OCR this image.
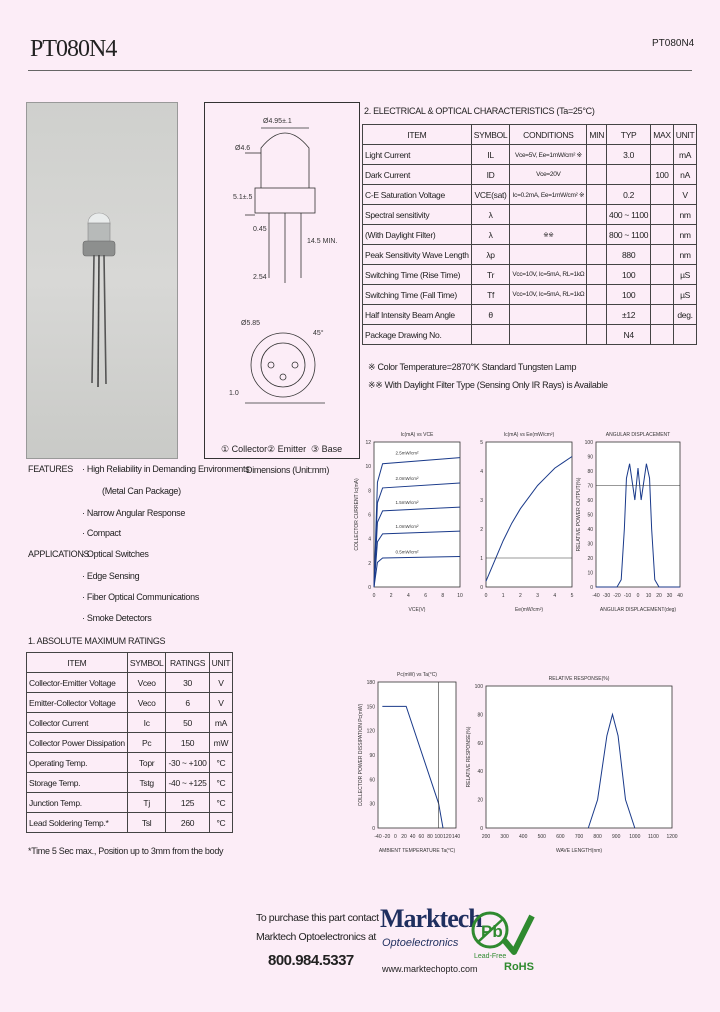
PT080N4	PT080N4
Ø4.95±.1
Ø4.6
5.1±.5
14.5 MIN.
0.45
2.54
Ø5.85
45°
1.0
① Collector ② Emitter ③ Base
Dimensions (Unit:mm)
FEATURES · High Reliability in Demanding Environments
(Metal Can Package)
· Narrow Angular Response
· Compact
APPLICATIONS
· Optical Switches
· Edge Sensing
· Fiber Optical Communications
· Smoke Detectors
1. ABSOLUTE MAXIMUM RATINGS
ITEM	SYMBOL	RATINGS	UNIT
Collector-Emitter Voltage	Vceo	30	V
Emitter-Collector Voltage	Veco	6	V
Collector Current	Ic	50	mA
Collector Power Dissipation	Pc	150	mW
Operating Temp.	Topr	-30 ~ +100	°C
Storage Temp.	Tstg	-40 ~ +125	°C
Junction Temp.	Tj	125	°C
Lead Soldering Temp.*	Tsl	260	°C
*Time 5 Sec max., Position up to 3mm from the body
2. ELECTRICAL & OPTICAL CHARACTERISTICS (Ta=25°C)
ITEM	SYMBOL	CONDITIONS	MIN	TYP	MAX	UNIT
Light Current	IL	Vce=5V, Ee=1mW/cm² ※		3.0		mA
Dark Current	ID	Vce=20V			100	nA
C-E Saturation Voltage	VCE(sat)	Ic=0.2mA, Ee=1mW/cm² ※		0.2		V
Spectral sensitivity	λ			400 ~ 1100		nm
(With Daylight Filter)	λ	※※		800 ~ 1100		nm
Peak Sensitivity Wave Length	λp			880		nm
Switching Time (Rise Time)	Tr	Vcc=10V, Ic=5mA, RL=1kΩ		100		µS
Switching Time (Fall Time)	Tf	Vcc=10V, Ic=5mA, RL=1kΩ		100		µS
Half Intensity Beam Angle	θ			±12		deg.
Package Drawing No.				N4		
※ Color Temperature=2870°K Standard Tungsten Lamp
※※ With Daylight Filter Type (Sensing Only IR Rays) is Available
Ic(mA) vs VCE
0	2	4	6	8	10
0
2
4
6
8
10
12
VCE(V)
COLLECTOR CURRENT Ic(mA)
2.5mW/cm²
2.0mW/cm²
1.5mW/cm²
1.0mW/cm²
0.5mW/cm²
Ic(mA) vs Ee(mW/cm²)
0	1	2	3	4	5
0
1
2
3
4
5
Ee(mW/cm²)
ANGULAR DISPLACEMENT
-40 -30 -20 -10 0 10 20 30 40
0
10
20
30
40
50
60
70
80
90
100
ANGULAR DISPLACEMENT(deg)
RELATIVE POWER OUTPUT(%)
Pc(mW) vs Ta(°C)
-40 -20 0 20 40 60 80 100 120 140
0
30
60
90
120
150
180
AMBIENT TEMPERATURE Ta(°C)
COLLECTOR POWER DISSIPATION Pc(mW)
RELATIVE RESPONSE(%)
200 300 400 500 600 700 800 900 1000 1100 1200
0
20
40
60
80
100
WAVE LENGTH(nm)
RELATIVE RESPONSE(%)
To purchase this part contact
Marktech Optoelectronics at
800.984.5337
Marktech
Optoelectronics
www.marktechopto.com
Pb
Lead-Free
RoHS
